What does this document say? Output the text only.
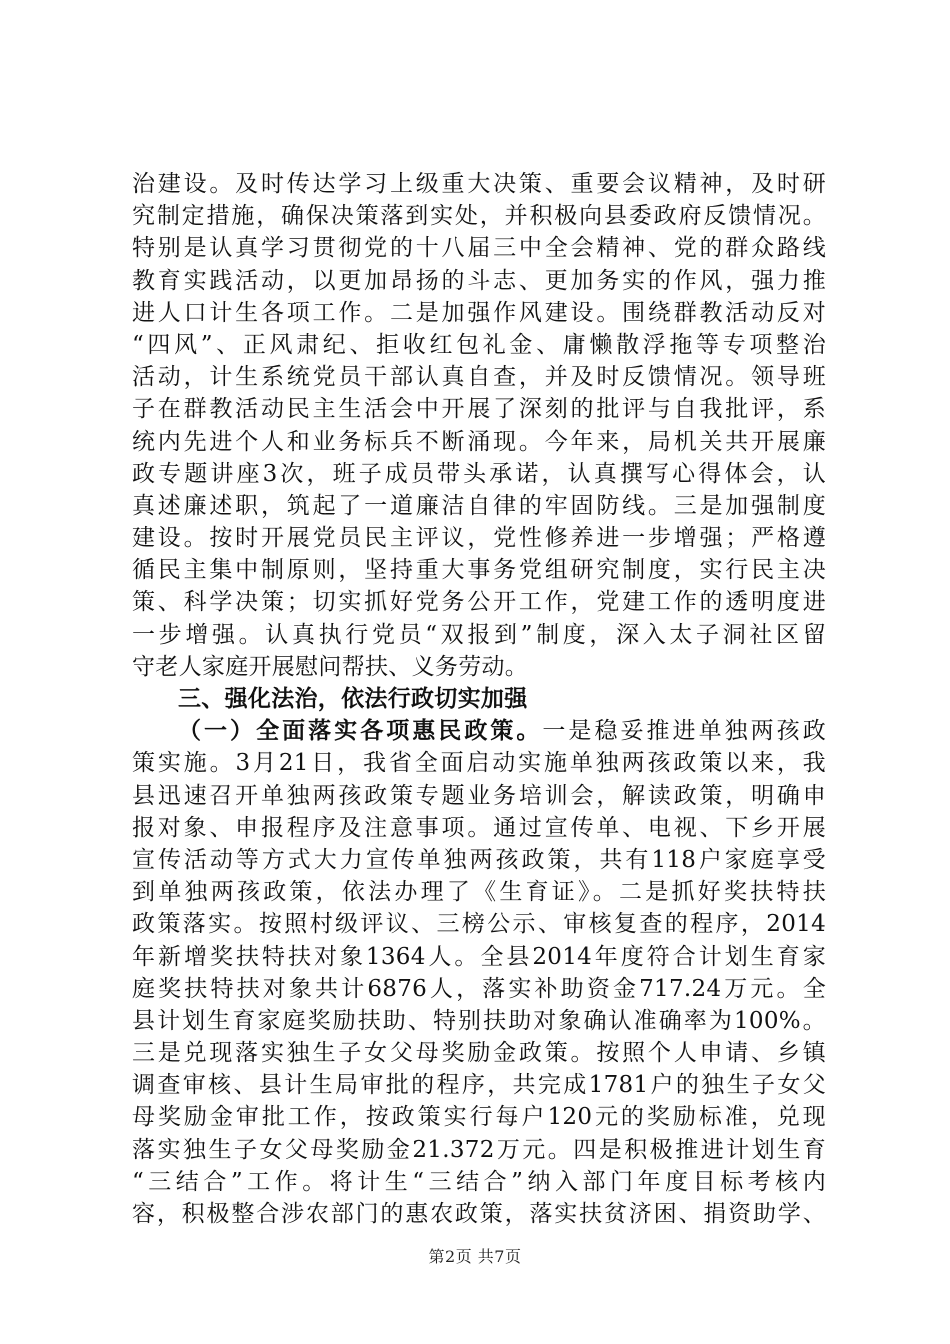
治建设。及时传达学习上级重大决策、重要会议精神，及时研
究制定措施，确保决策落到实处，并积极向县委政府反馈情况。
特别是认真学习贯彻党的十八届三中全会精神、党的群众路线
教育实践活动，以更加昂扬的斗志、更加务实的作风，强力推
进人口计生各项工作。二是加强作风建设。围绕群教活动反对
“四风”、正风肃纪、拒收红包礼金、庸懒散浮拖等专项整治
活动，计生系统党员干部认真自查，并及时反馈情况。领导班
子在群教活动民主生活会中开展了深刻的批评与自我批评，系
统内先进个人和业务标兵不断涌现。今年来，局机关共开展廉
政专题讲座3次，班子成员带头承诺，认真撰写心得体会，认
真述廉述职，筑起了一道廉洁自律的牢固防线。三是加强制度
建设。按时开展党员民主评议，党性修养进一步增强；严格遵
循民主集中制原则，坚持重大事务党组研究制度，实行民主决
策、科学决策；切实抓好党务公开工作，党建工作的透明度进
一步增强。认真执行党员“双报到”制度，深入太子洞社区留
守老人家庭开展慰问帮扶、义务劳动。
三、强化法治，依法行政切实加强
（一）全面落实各项惠民政策。一是稳妥推进单独两孩政
策实施。3月21日，我省全面启动实施单独两孩政策以来，我
县迅速召开单独两孩政策专题业务培训会，解读政策，明确申
报对象、申报程序及注意事项。通过宣传单、电视、下乡开展
宣传活动等方式大力宣传单独两孩政策，共有118户家庭享受
到单独两孩政策，依法办理了《生育证》。二是抓好奖扶特扶
政策落实。按照村级评议、三榜公示、审核复查的程序，2014
年新增奖扶特扶对象1364人。全县2014年度符合计划生育家
庭奖扶特扶对象共计6876人，落实补助资金717.24万元。全
县计划生育家庭奖励扶助、特别扶助对象确认准确率为100%。
三是兑现落实独生子女父母奖励金政策。按照个人申请、乡镇
调查审核、县计生局审批的程序，共完成1781户的独生子女父
母奖励金审批工作，按政策实行每户120元的奖励标准，兑现
落实独生子女父母奖励金21.372万元。四是积极推进计划生育
“三结合”工作。将计生“三结合”纳入部门年度目标考核内
容，积极整合涉农部门的惠农政策，落实扶贫济困、捐资助学、
第2页 共7页
